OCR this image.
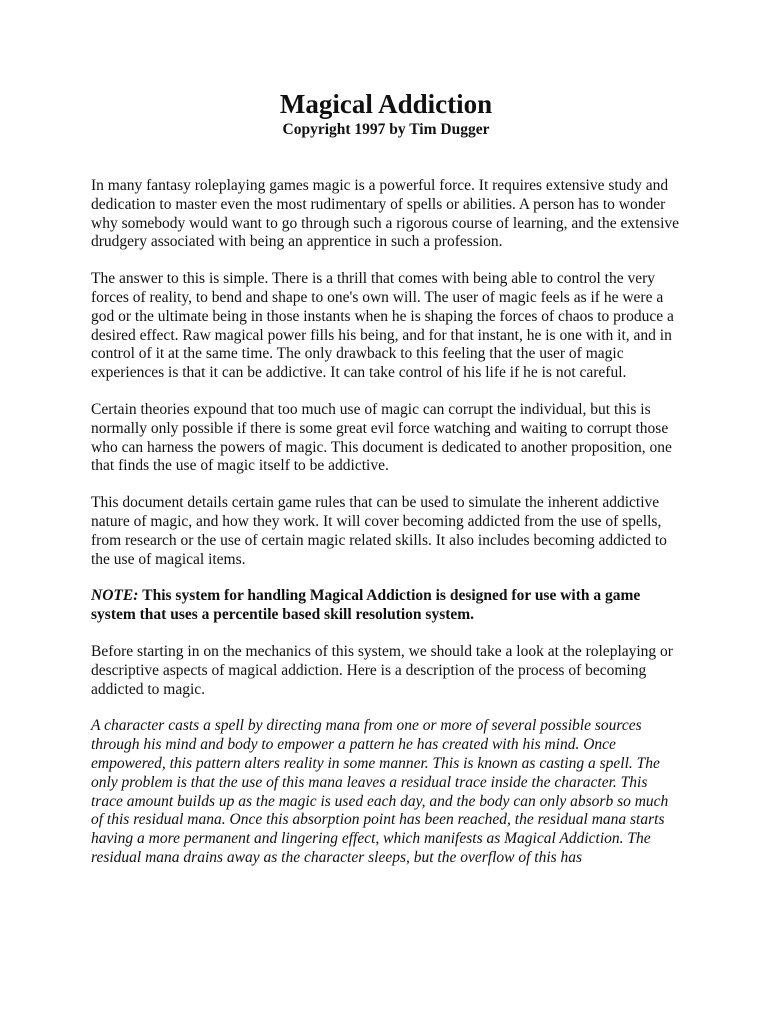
Magical Addiction
Copyright 1997 by Tim Dugger

In many fantasy roleplaying games magic is a powerful force. It requires extensive study and dedication to master even the most rudimentary of spells or abilities. A person has to wonder why somebody would want to go through such a rigorous course of learning, and the extensive drudgery associated with being an apprentice in such a profession.

The answer to this is simple. There is a thrill that comes with being able to control the very forces of reality, to bend and shape to one's own will. The user of magic feels as if he were a god or the ultimate being in those instants when he is shaping the forces of chaos to produce a desired effect. Raw magical power fills his being, and for that instant, he is one with it, and in control of it at the same time. The only drawback to this feeling that the user of magic experiences is that it can be addictive. It can take control of his life if he is not careful.

Certain theories expound that too much use of magic can corrupt the individual, but this is normally only possible if there is some great evil force watching and waiting to corrupt those who can harness the powers of magic. This document is dedicated to another proposition, one that finds the use of magic itself to be addictive.

This document details certain game rules that can be used to simulate the inherent addictive nature of magic, and how they work. It will cover becoming addicted from the use of spells, from research or the use of certain magic related skills. It also includes becoming addicted to the use of magical items.

NOTE: This system for handling Magical Addiction is designed for use with a game system that uses a percentile based skill resolution system.

Before starting in on the mechanics of this system, we should take a look at the roleplaying or descriptive aspects of magical addiction. Here is a description of the process of becoming addicted to magic.

A character casts a spell by directing mana from one or more of several possible sources through his mind and body to empower a pattern he has created with his mind. Once empowered, this pattern alters reality in some manner. This is known as casting a spell. The only problem is that the use of this mana leaves a residual trace inside the character. This trace amount builds up as the magic is used each day, and the body can only absorb so much of this residual mana. Once this absorption point has been reached, the residual mana starts having a more permanent and lingering effect, which manifests as Magical Addiction. The residual mana drains away as the character sleeps, but the overflow of this has
